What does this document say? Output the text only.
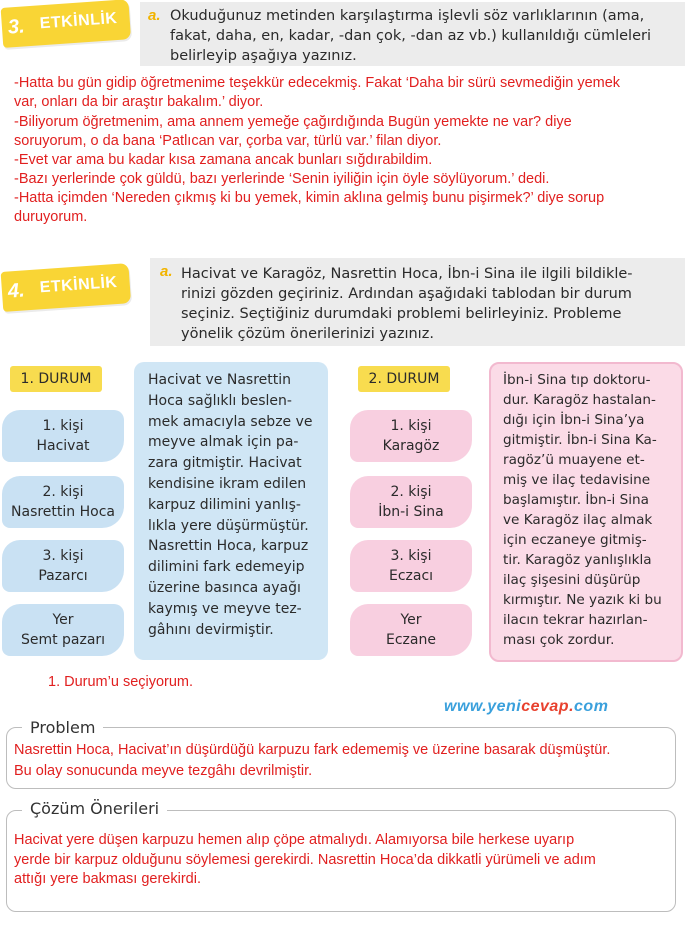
3. ETKİNLİK a. Okuduğunuz metinden karşılaştırma işlevli söz varlıklarının (ama,
fakat, daha, en, kadar, -dan çok, -dan az vb.) kullanıldığı cümleleri
belirleyip aşağıya yazınız.
-Hatta bu gün gidip öğretmenime teşekkür edecekmiş. Fakat ‘Daha bir sürü sevmediğin yemek
var, onları da bir araştır bakalım.’ diyor.
-Biliyorum öğretmenim, ama annem yemeğe çağırdığında Bugün yemekte ne var? diye
soruyorum, o da bana ‘Patlıcan var, çorba var, türlü var.’ filan diyor.
-Evet var ama bu kadar kısa zamana ancak bunları sığdırabildim.
-Bazı yerlerinde çok güldü, bazı yerlerinde ‘Senin iyiliğin için öyle söylüyorum.’ dedi.
-Hatta içimden ‘Nereden çıkmış ki bu yemek, kimin aklına gelmiş bunu pişirmek?’ diye sorup
duruyorum.
4. ETKİNLİK
a. Hacivat ve Karagöz, Nasrettin Hoca, İbn-i Sina ile ilgili bildikle-
rinizi gözden geçiriniz. Ardından aşağıdaki tablodan bir durum
seçiniz. Seçtiğiniz durumdaki problemi belirleyiniz. Probleme
yönelik çözüm önerilerinizi yazınız.
1. DURUM
1. kişi
Hacivat
2. kişi
Nasrettin Hoca
3. kişi
Pazarcı
Yer
Semt pazarı
Hacivat ve Nasrettin
Hoca sağlıklı beslen-
mek amacıyla sebze ve
meyve almak için pa-
zara gitmiştir. Hacivat
kendisine ikram edilen
karpuz dilimini yanlış-
lıkla yere düşürmüştür.
Nasrettin Hoca, karpuz
dilimini fark edemeyip
üzerine basınca ayağı
kaymış ve meyve tez-
gâhını devirmiştir.
2. DURUM
1. kişi
Karagöz
2. kişi
İbn-i Sina
3. kişi
Eczacı
Yer
Eczane
İbn-i Sina tıp doktoru-
dur. Karagöz hastalan-
dığı için İbn-i Sina’ya
gitmiştir. İbn-i Sina Ka-
ragöz’ü muayene et-
miş ve ilaç tedavisine
başlamıştır. İbn-i Sina
ve Karagöz ilaç almak
için eczaneye gitmiş-
tir. Karagöz yanlışlıkla
ilaç şişesini düşürüp
kırmıştır. Ne yazık ki bu
ilacın tekrar hazırlan-
ması çok zordur.
1. Durum’u seçiyorum.
www.yenicevap.com
Problem
Nasrettin Hoca, Hacivat’ın düşürdüğü karpuzu fark edememiş ve üzerine basarak düşmüştür.
Bu olay sonucunda meyve tezgâhı devrilmiştir.
Çözüm Önerileri
Hacivat yere düşen karpuzu hemen alıp çöpe atmalıydı. Alamıyorsa bile herkese uyarıp
yerde bir karpuz olduğunu söylemesi gerekirdi. Nasrettin Hoca’da dikkatli yürümeli ve adım
attığı yere bakması gerekirdi.
